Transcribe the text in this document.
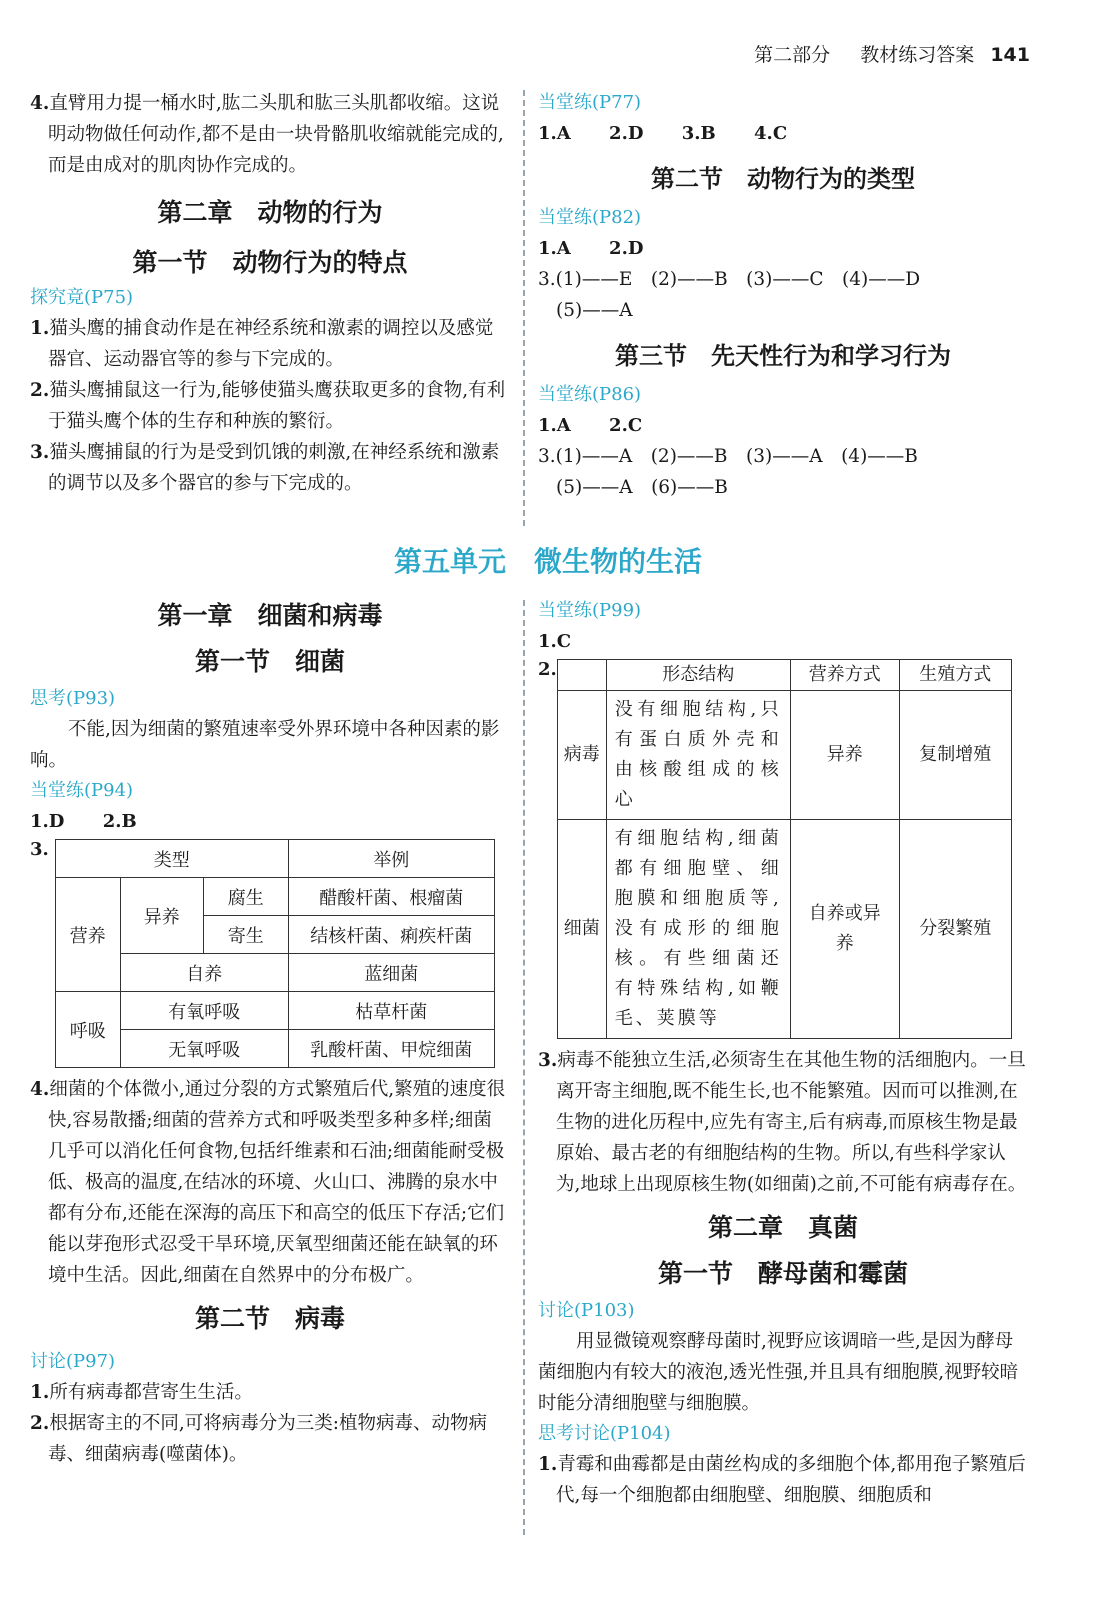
第二部分 教材练习答案 141

4.直臂用力提一桶水时,肱二头肌和肱三头肌都收缩。这说明动物做任何动作,都不是由一块骨骼肌收缩就能完成的,而是由成对的肌肉协作完成的。

第二章　动物的行为
第一节　动物行为的特点
探究竟(P75)

1.猫头鹰的捕食动作是在神经系统和激素的调控以及感觉器官、运动器官等的参与下完成的。

2.猫头鹰捕鼠这一行为,能够使猫头鹰获取更多的食物,有利于猫头鹰个体的生存和种族的繁衍。

3.猫头鹰捕鼠的行为是受到饥饿的刺激,在神经系统和激素的调节以及多个器官的参与下完成的。

当堂练(P77)
1.A 2.D 3.B 4.C
第二节　动物行为的类型
当堂练(P82)
1.A 2.D

3.(1)——E　(2)——B　(3)——C　(4)——D

(5)——A

第三节　先天性行为和学习行为
当堂练(P86)
1.A 2.C

3.(1)——A　(2)——B　(3)——A　(4)——B

(5)——A　(6)——B

第五单元　微生物的生活
第一章　细菌和病毒
第一节　细菌
思考(P93)

不能,因为细菌的繁殖速率受外界环境中各种因素的影响。

当堂练(P94)
1.D 2.B
3.	类型			举例
营养	异养	腐生	醋酸杆菌、根瘤菌
		寄生	结核杆菌、痢疾杆菌
	自养		蓝细菌
呼吸	有氧呼吸		枯草杆菌
	无氧呼吸		乳酸杆菌、甲烷细菌

4.细菌的个体微小,通过分裂的方式繁殖后代,繁殖的速度很快,容易散播;细菌的营养方式和呼吸类型多种多样;细菌几乎可以消化任何食物,包括纤维素和石油;细菌能耐受极低、极高的温度,在结冰的环境、火山口、沸腾的泉水中都有分布,还能在深海的高压下和高空的低压下存活;它们能以芽孢形式忍受干旱环境,厌氧型细菌还能在缺氧的环境中生活。因此,细菌在自然界中的分布极广。

第二节　病毒
讨论(P97)

1.所有病毒都营寄生生活。

2.根据寄主的不同,可将病毒分为三类:植物病毒、动物病毒、细菌病毒(噬菌体)。

当堂练(P99)
1.C
2.
		形态结构	营养方式	生殖方式
病毒	没有细胞结构,只有蛋白质外壳和由核酸组成的核心	异养	复制增殖
细菌	有细胞结构,细菌都有细胞壁、细胞膜和细胞质等,没有成形的细胞核。有些细菌还有特殊结构,如鞭毛、荚膜等	自养或异养	分裂繁殖

3.病毒不能独立生活,必须寄生在其他生物的活细胞内。一旦离开寄主细胞,既不能生长,也不能繁殖。因而可以推测,在生物的进化历程中,应先有寄主,后有病毒,而原核生物是最原始、最古老的有细胞结构的生物。所以,有些科学家认为,地球上出现原核生物(如细菌)之前,不可能有病毒存在。

第二章　真菌
第一节　酵母菌和霉菌
讨论(P103)

用显微镜观察酵母菌时,视野应该调暗一些,是因为酵母菌细胞内有较大的液泡,透光性强,并且具有细胞膜,视野较暗时能分清细胞壁与细胞膜。

思考讨论(P104)

1.青霉和曲霉都是由菌丝构成的多细胞个体,都用孢子繁殖后代,每一个细胞都由细胞壁、细胞膜、细胞质和
